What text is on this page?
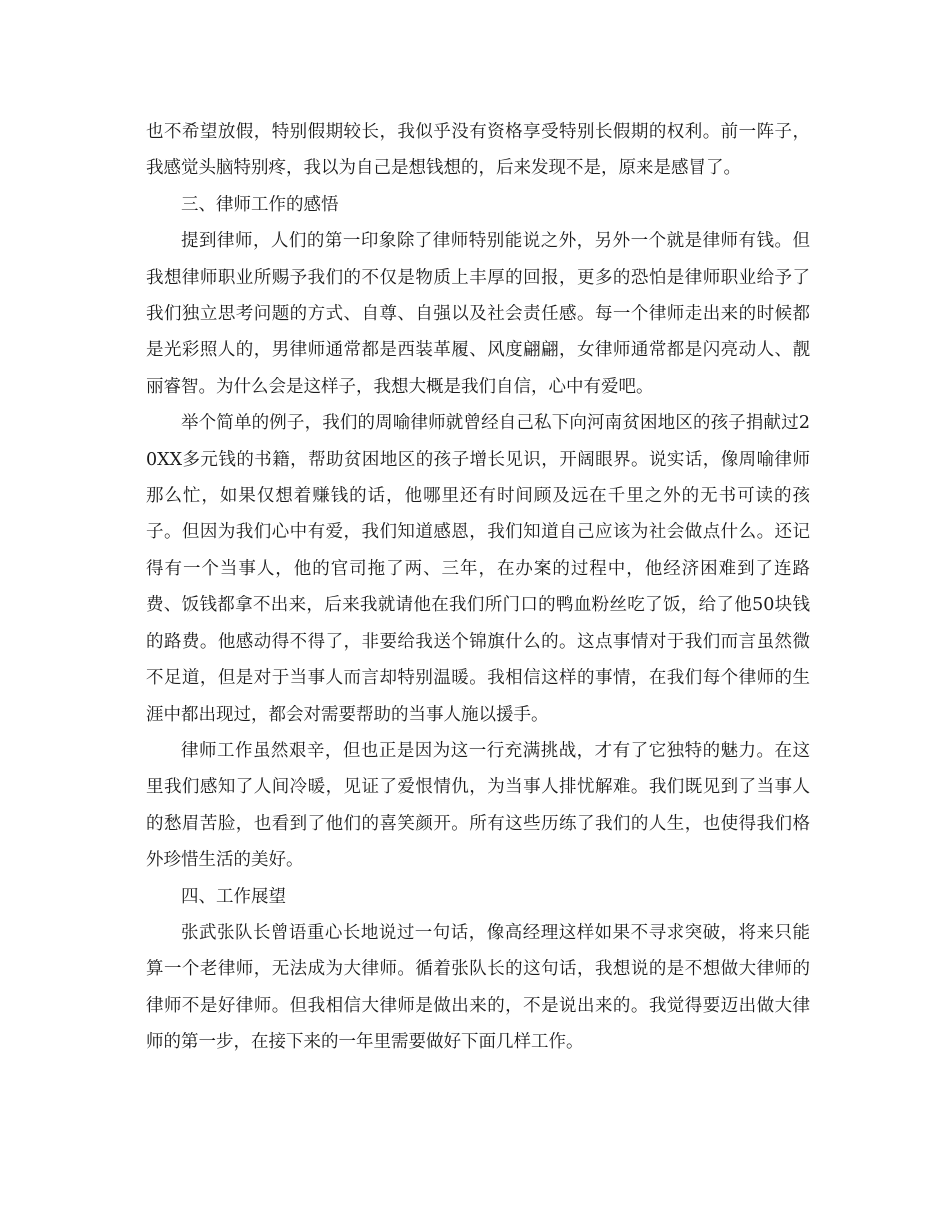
也不希望放假，特别假期较长，我似乎没有资格享受特别长假期的权利。前一阵子，我感觉头脑特别疼，我以为自己是想钱想的，后来发现不是，原来是感冒了。

三、律师工作的感悟

提到律师，人们的第一印象除了律师特别能说之外，另外一个就是律师有钱。但我想律师职业所赐予我们的不仅是物质上丰厚的回报，更多的恐怕是律师职业给予了我们独立思考问题的方式、自尊、自强以及社会责任感。每一个律师走出来的时候都是光彩照人的，男律师通常都是西装革履、风度翩翩，女律师通常都是闪亮动人、靓丽睿智。为什么会是这样子，我想大概是我们自信，心中有爱吧。

举个简单的例子，我们的周喻律师就曾经自己私下向河南贫困地区的孩子捐献过20XX多元钱的书籍，帮助贫困地区的孩子增长见识，开阔眼界。说实话，像周喻律师那么忙，如果仅想着赚钱的话，他哪里还有时间顾及远在千里之外的无书可读的孩子。但因为我们心中有爱，我们知道感恩，我们知道自己应该为社会做点什么。还记得有一个当事人，他的官司拖了两、三年，在办案的过程中，他经济困难到了连路费、饭钱都拿不出来，后来我就请他在我们所门口的鸭血粉丝吃了饭，给了他50块钱的路费。他感动得不得了，非要给我送个锦旗什么的。这点事情对于我们而言虽然微不足道，但是对于当事人而言却特别温暖。我相信这样的事情，在我们每个律师的生涯中都出现过，都会对需要帮助的当事人施以援手。

律师工作虽然艰辛，但也正是因为这一行充满挑战，才有了它独特的魅力。在这里我们感知了人间冷暖，见证了爱恨情仇，为当事人排忧解难。我们既见到了当事人的愁眉苦脸，也看到了他们的喜笑颜开。所有这些历练了我们的人生，也使得我们格外珍惜生活的美好。

四、工作展望

张武张队长曾语重心长地说过一句话，像高经理这样如果不寻求突破，将来只能算一个老律师，无法成为大律师。循着张队长的这句话，我想说的是不想做大律师的律师不是好律师。但我相信大律师是做出来的，不是说出来的。我觉得要迈出做大律师的第一步，在接下来的一年里需要做好下面几样工作。
